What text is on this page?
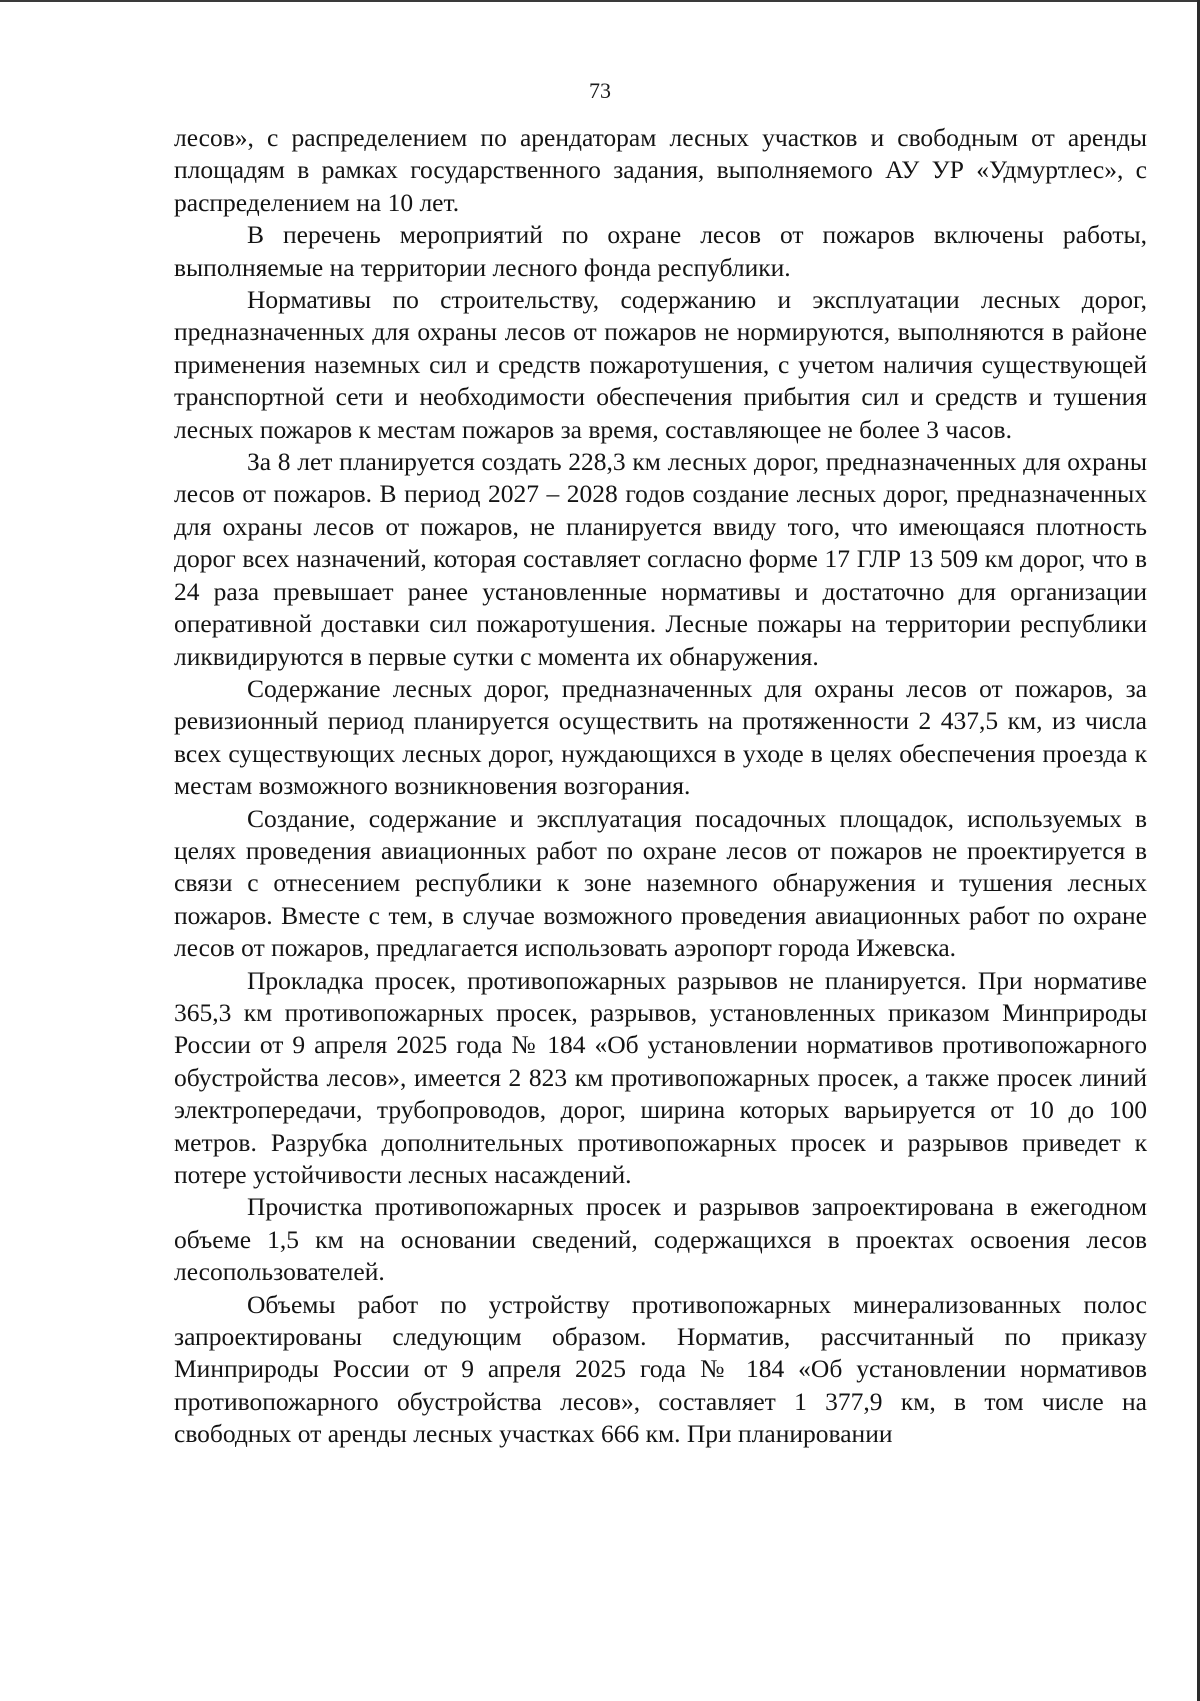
73

лесов», с распределением по арендаторам лесных участков и свободным от аренды площадям в рамках государственного задания, выполняемого АУ УР «Удмуртлес», с распределением на 10 лет.

В перечень мероприятий по охране лесов от пожаров включены работы, выполняемые на территории лесного фонда республики.

Нормативы по строительству, содержанию и эксплуатации лесных дорог, предназначенных для охраны лесов от пожаров не нормируются, выполняются в районе применения наземных сил и средств пожаротушения, с учетом наличия существующей транспортной сети и необходимости обеспечения прибытия сил и средств и тушения лесных пожаров к местам пожаров за время, составляющее не более 3 часов.

За 8 лет планируется создать 228,3 км лесных дорог, предназначенных для охраны лесов от пожаров. В период 2027 – 2028 годов создание лесных дорог, предназначенных для охраны лесов от пожаров, не планируется ввиду того, что имеющаяся плотность дорог всех назначений, которая составляет согласно форме 17 ГЛР 13 509 км дорог, что в 24 раза превышает ранее установленные нормативы и достаточно для организации оперативной доставки сил пожаротушения. Лесные пожары на территории республики ликвидируются в первые сутки с момента их обнаружения.

Содержание лесных дорог, предназначенных для охраны лесов от пожаров, за ревизионный период планируется осуществить на протяженности 2 437,5 км, из числа всех существующих лесных дорог, нуждающихся в уходе в целях обеспечения проезда к местам возможного возникновения возгорания.

Создание, содержание и эксплуатация посадочных площадок, используемых в целях проведения авиационных работ по охране лесов от пожаров не проектируется в связи с отнесением республики к зоне наземного обнаружения и тушения лесных пожаров. Вместе с тем, в случае возможного проведения авиационных работ по охране лесов от пожаров, предлагается использовать аэропорт города Ижевска.

Прокладка просек, противопожарных разрывов не планируется. При нормативе 365,3 км противопожарных просек, разрывов, установленных приказом Минприроды России от 9 апреля 2025 года № 184 «Об установлении нормативов противопожарного обустройства лесов», имеется 2 823 км противопожарных просек, а также просек линий электропередачи, трубопроводов, дорог, ширина которых варьируется от 10 до 100 метров. Разрубка дополнительных противопожарных просек и разрывов приведет к потере устойчивости лесных насаждений.

Прочистка противопожарных просек и разрывов запроектирована в ежегодном объеме 1,5 км на основании сведений, содержащихся в проектах освоения лесов лесопользователей.

Объемы работ по устройству противопожарных минерализованных полос запроектированы следующим образом. Норматив, рассчитанный по приказу Минприроды России от 9 апреля 2025 года № 184 «Об установлении нормативов противопожарного обустройства лесов», составляет 1 377,9 км, в том числе на свободных от аренды лесных участках 666 км. При планировании
